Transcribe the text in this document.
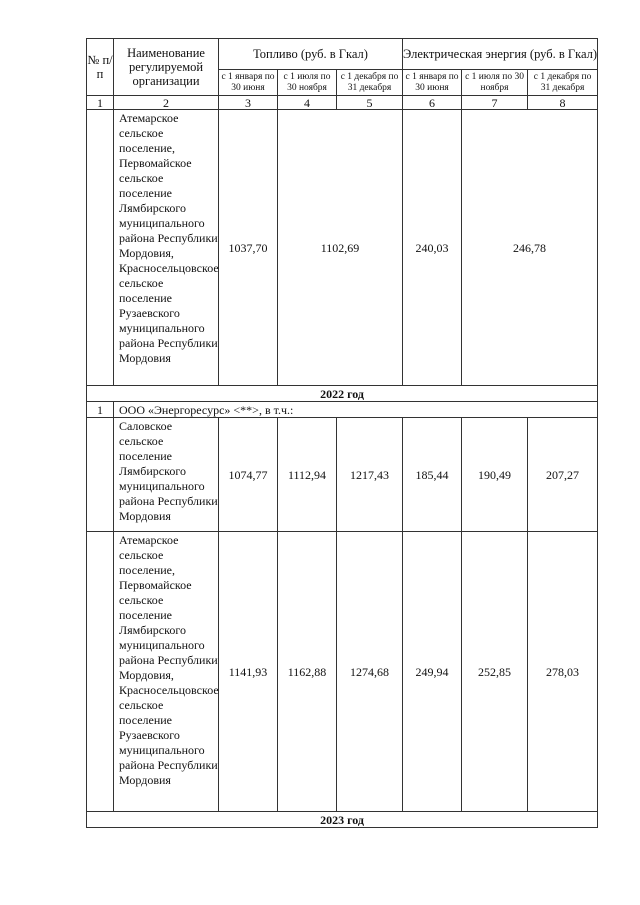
№ п/п	Наименование регулируемой организации	Топливо (руб. в Гкал)			Электрическая энергия (руб. в Гкал)		
		с 1 января по 30 июня	с 1 июля по 30 ноября	с 1 декабря по 31 декабря	с 1 января по 30 июня	с 1 июля по 30 ноября	с 1 декабря по 31 декабря
1	2	3	4	5	6	7	8
	Атемарское сельское поселение, Первомайское сельское поселение Лямбирского муниципального района Республики Мордовия, Красносельцовское сельское поселение Рузаевского муниципального района Республики Мордовия	1037,70	1102,69		240,03	246,78	
2022 год							
1	ООО «Энергоресурс» <**>, в т.ч.:						
	Саловское сельское поселение Лямбирского муниципального района Республики Мордовия	1074,77	1112,94	1217,43	185,44	190,49	207,27
	Атемарское сельское поселение, Первомайское сельское поселение Лямбирского муниципального района Республики Мордовия, Красносельцовское сельское поселение Рузаевского муниципального района Республики Мордовия	1141,93	1162,88	1274,68	249,94	252,85	278,03
2023 год							
